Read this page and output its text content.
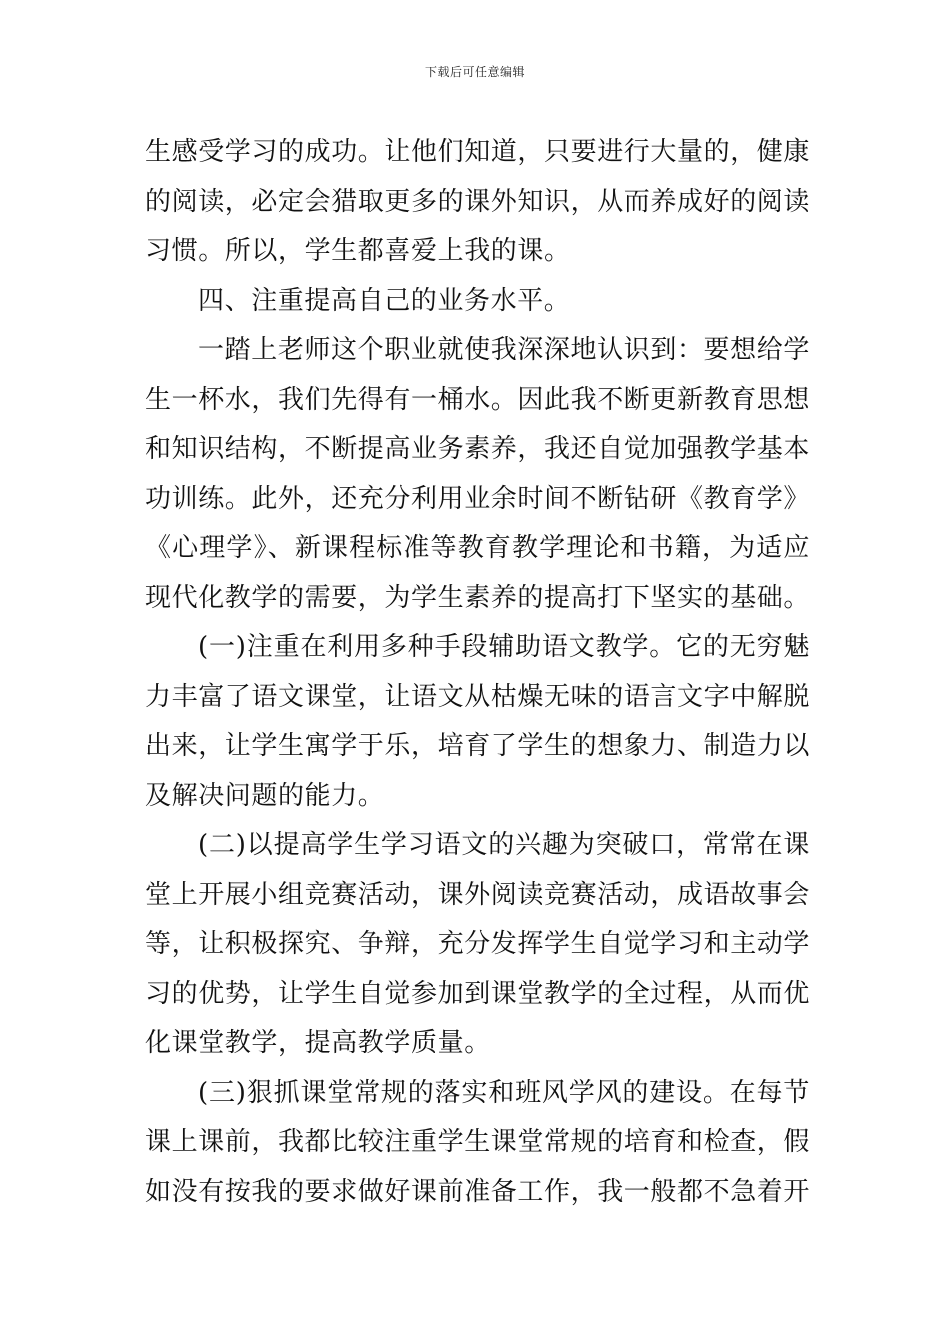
下载后可任意编辑
生感受学习的成功。让他们知道，只要进行大量的，健康
的阅读，必定会猎取更多的课外知识，从而养成好的阅读
习惯。所以，学生都喜爱上我的课。
四、注重提高自己的业务水平。
一踏上老师这个职业就使我深深地认识到：要想给学
生一杯水，我们先得有一桶水。因此我不断更新教育思想
和知识结构，不断提高业务素养，我还自觉加强教学基本
功训练。此外，还充分利用业余时间不断钻研《教育学》
《心理学》、新课程标准等教育教学理论和书籍，为适应
现代化教学的需要，为学生素养的提高打下坚实的基础。
(一)注重在利用多种手段辅助语文教学。它的无穷魅
力丰富了语文课堂，让语文从枯燥无味的语言文字中解脱
出来，让学生寓学于乐，培育了学生的想象力、制造力以
及解决问题的能力。
(二)以提高学生学习语文的兴趣为突破口，常常在课
堂上开展小组竞赛活动，课外阅读竞赛活动，成语故事会
等，让积极探究、争辩，充分发挥学生自觉学习和主动学
习的优势，让学生自觉参加到课堂教学的全过程，从而优
化课堂教学，提高教学质量。
(三)狠抓课堂常规的落实和班风学风的建设。在每节
课上课前，我都比较注重学生课堂常规的培育和检查，假
如没有按我的要求做好课前准备工作，我一般都不急着开
